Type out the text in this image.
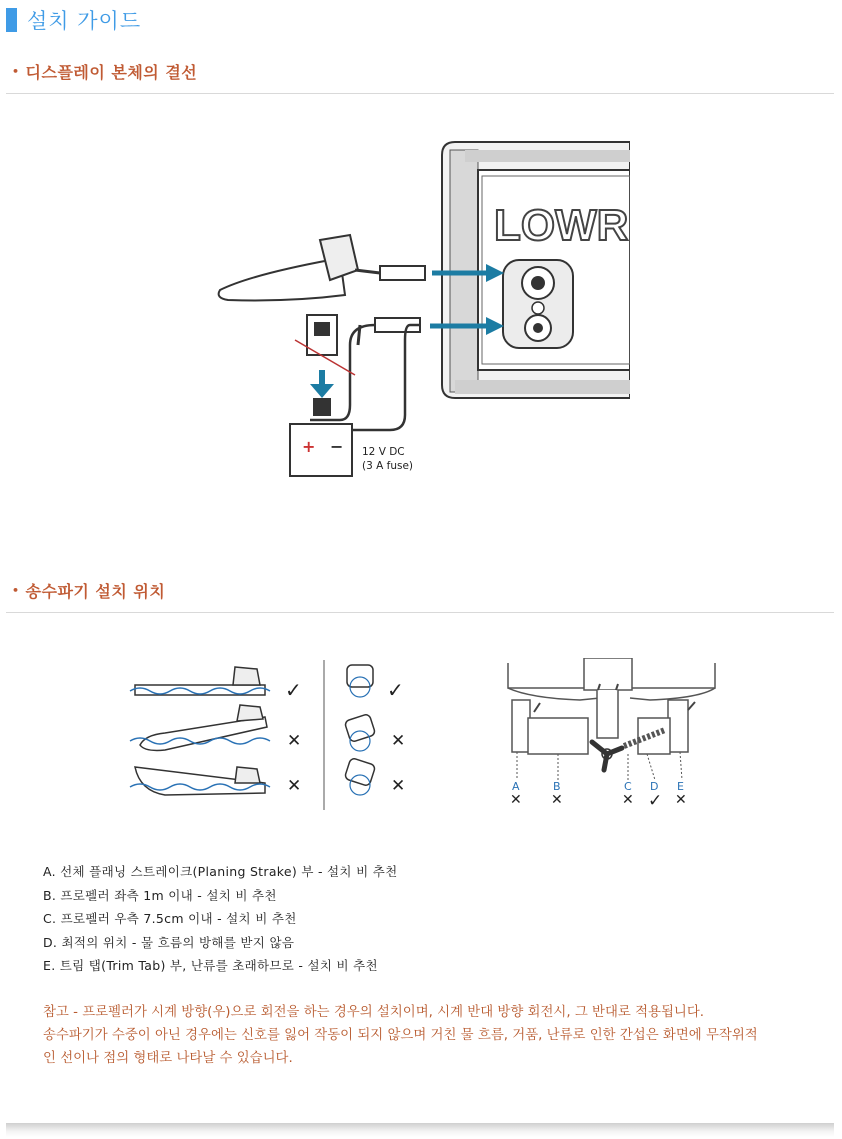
설치 가이드
• 디스플레이 본체의 결선
LOWR
+ − 12 V DC
(3 A fuse)
• 송수파기 설치 위치
✓
✕
✕
✓
✕
✕	A	B	C D E
✕ ✕	✕ ✓ ✕
A. 선체 플래닝 스트레이크(Planing Strake) 부 - 설치 비 추천
B. 프로펠러 좌측 1m 이내 - 설치 비 추천
C. 프로펠러 우측 7.5cm 이내 - 설치 비 추천
D. 최적의 위치 - 물 흐름의 방해를 받지 않음
E. 트림 탭(Trim Tab) 부, 난류를 초래하므로 - 설치 비 추천

참고 - 프로펠러가 시계 방향(우)으로 회전을 하는 경우의 설치이며, 시계 반대 방향 회전시, 그 반대로 적용됩니다.

송수파기가 수중이 아닌 경우에는 신호를 잃어 작동이 되지 않으며 거친 물 흐름, 거품, 난류로 인한 간섭은 화면에 무작위적

인 선이나 점의 형태로 나타날 수 있습니다.
